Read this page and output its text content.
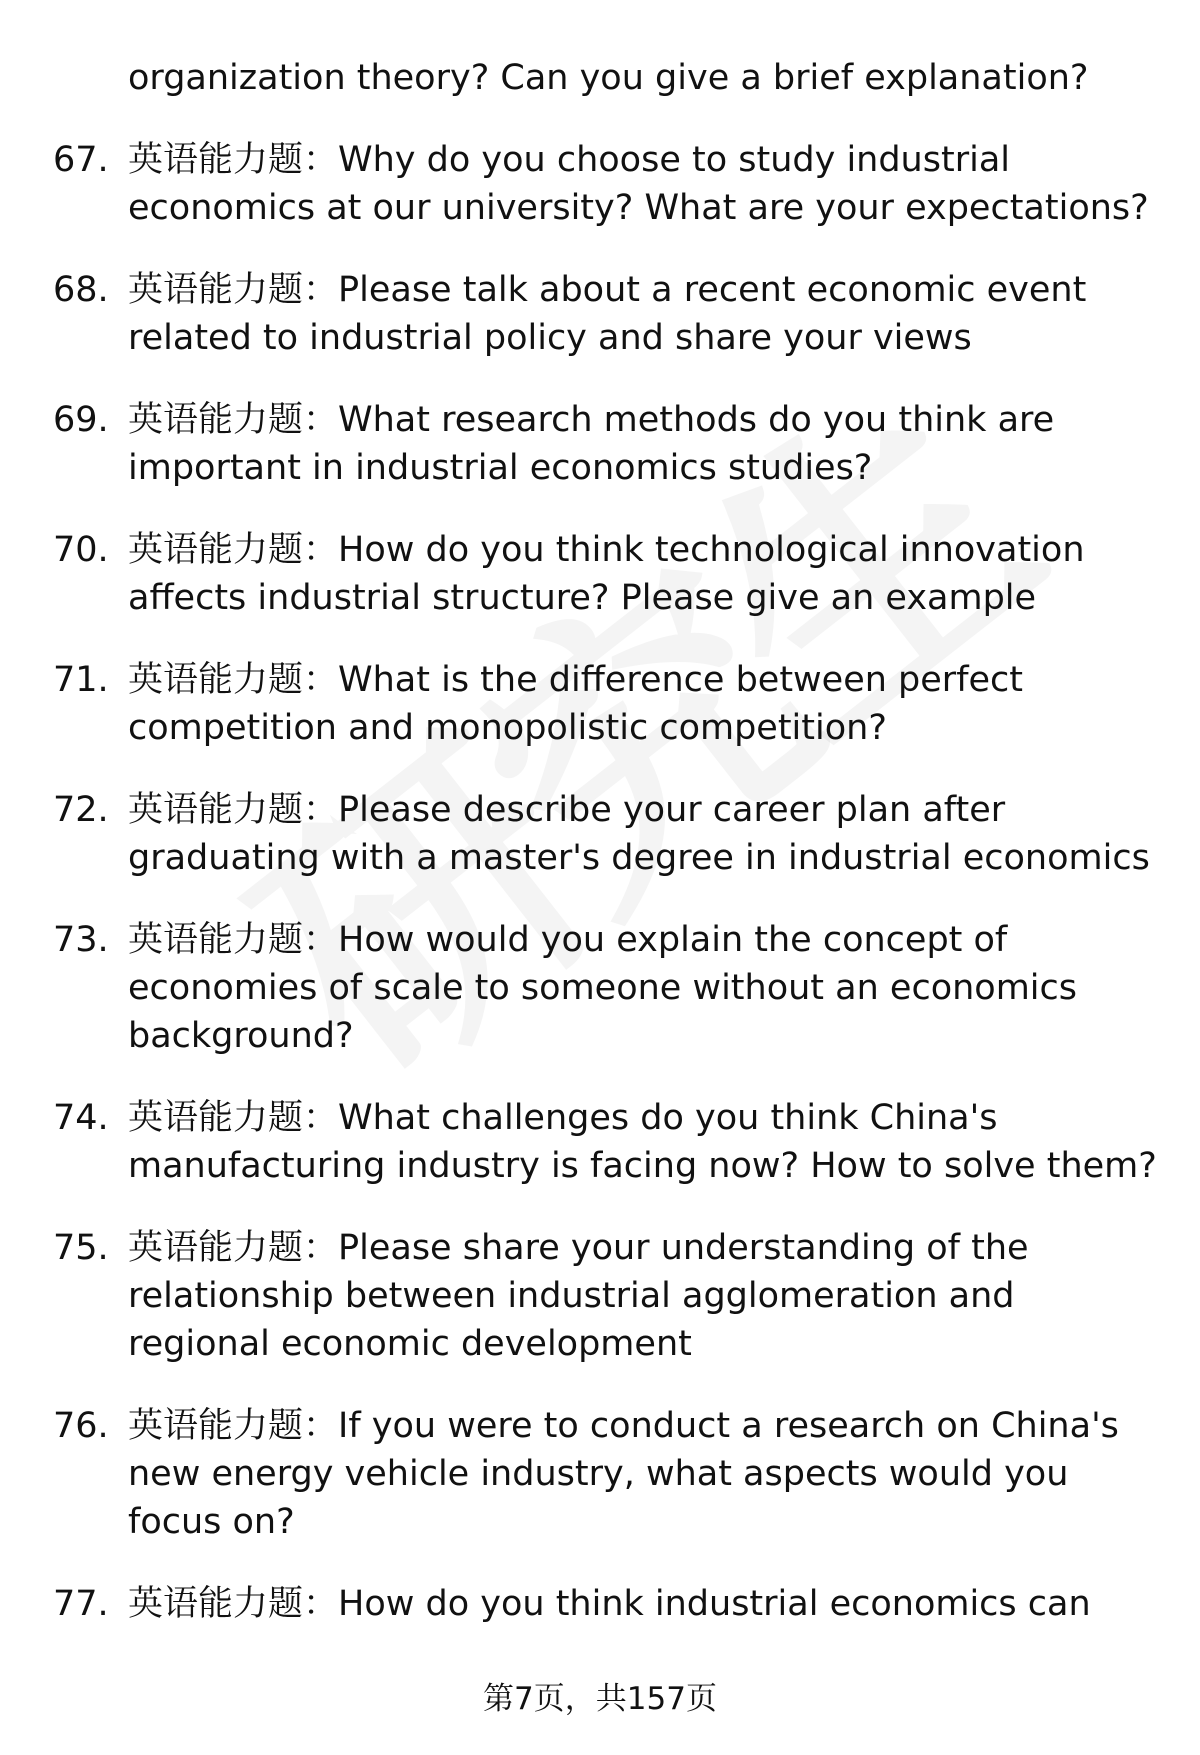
organization theory? Can you give a brief explanation?
67. 英语能力题：Why do you choose to study industrial economics at our university? What are your expectations?
68. 英语能力题：Please talk about a recent economic event related to industrial policy and share your views
69. 英语能力题：What research methods do you think are important in industrial economics studies?
70. 英语能力题：How do you think technological innovation affects industrial structure? Please give an example
71. 英语能力题：What is the difference between perfect competition and monopolistic competition?
72. 英语能力题：Please describe your career plan after graduating with a master's degree in industrial economics
73. 英语能力题：How would you explain the concept of economies of scale to someone without an economics background?
74. 英语能力题：What challenges do you think China's manufacturing industry is facing now? How to solve them?
75. 英语能力题：Please share your understanding of the relationship between industrial agglomeration and regional economic development
76. 英语能力题：If you were to conduct a research on China's new energy vehicle industry, what aspects would you focus on?
77. 英语能力题：How do you think industrial economics can
第7页，共157页
